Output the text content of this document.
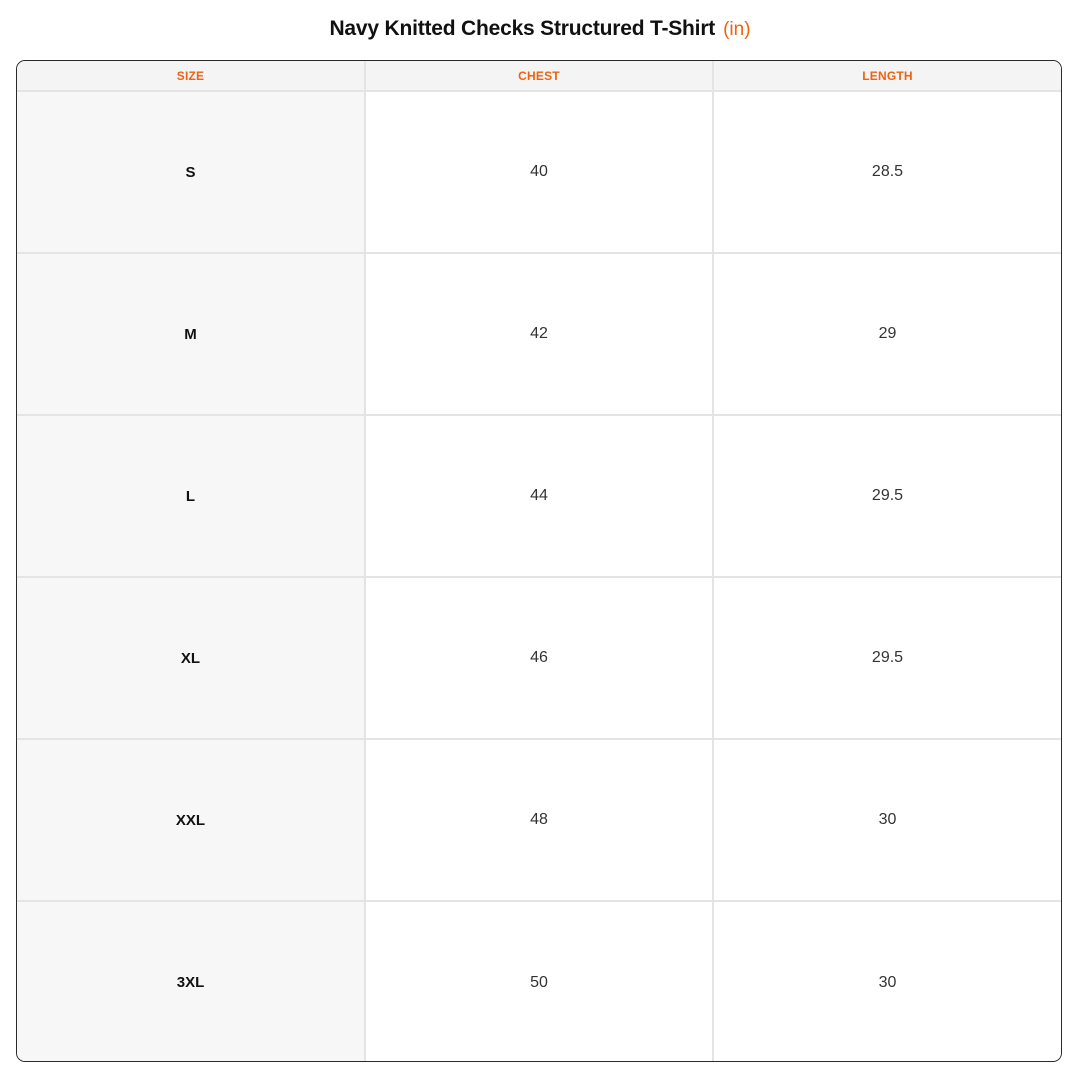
Navy Knitted Checks Structured T-Shirt (in)
SIZE	CHEST	LENGTH
S	40	28.5
M	42	29
L	44	29.5
XL	46	29.5
XXL	48	30
3XL	50	30
